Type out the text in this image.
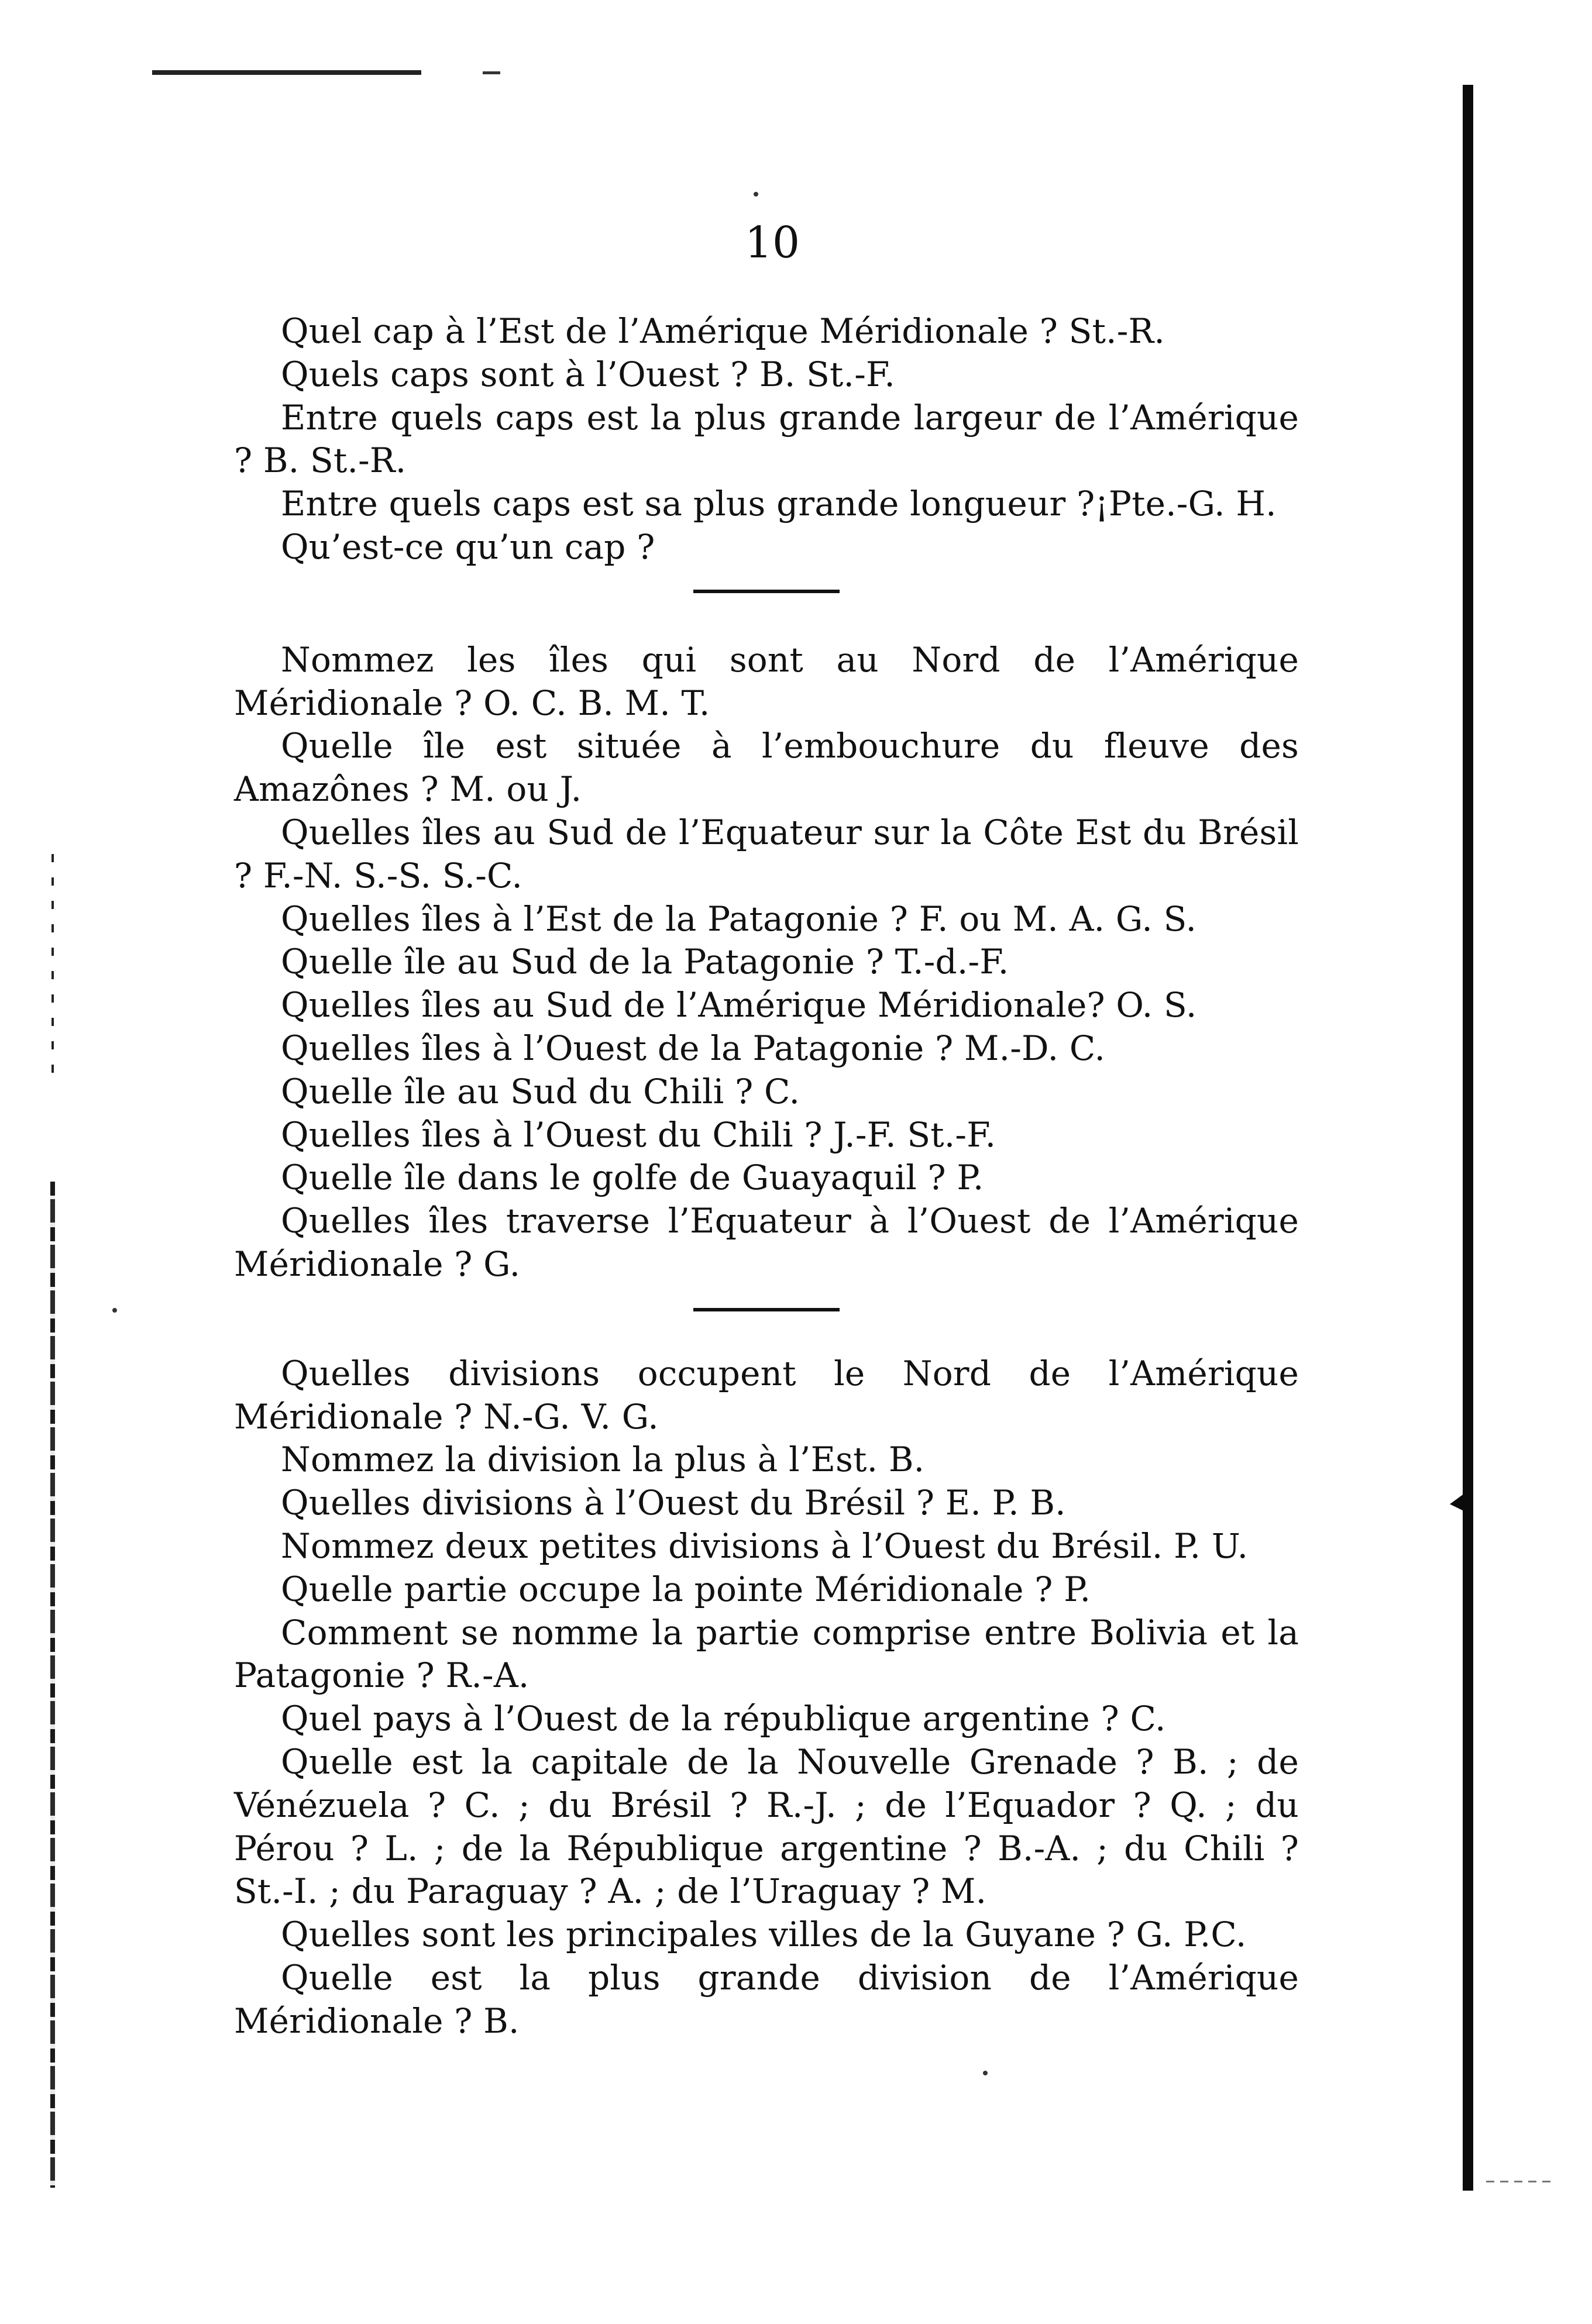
10

Quel cap à l’Est de l’Amérique Méridionale ? St.-R.

Quels caps sont à l’Ouest ? B. St.-F.

Entre quels caps est la plus grande largeur de l’Amérique ? B. St.-R.

Entre quels caps est sa plus grande longueur ?¡Pte.-G. H.

Qu’est-ce qu’un cap ?

Nommez les îles qui sont au Nord de l’Amérique Méridionale ? O. C. B. M. T.

Quelle île est située à l’embouchure du fleuve des Amazônes ? M. ou J.

Quelles îles au Sud de l’Equateur sur la Côte Est du Brésil ? F.-N. S.-S. S.-C.

Quelles îles à l’Est de la Patagonie ? F. ou M. A. G. S.

Quelle île au Sud de la Patagonie ? T.-d.-F.

Quelles îles au Sud de l’Amérique Méridionale? O. S.

Quelles îles à l’Ouest de la Patagonie ? M.-D. C.

Quelle île au Sud du Chili ? C.

Quelles îles à l’Ouest du Chili ? J.-F. St.-F.

Quelle île dans le golfe de Guayaquil ? P.

Quelles îles traverse l’Equateur à l’Ouest de l’Amérique Méridionale ? G.

Quelles divisions occupent le Nord de l’Amérique Méridionale ? N.-G. V. G.

Nommez la division la plus à l’Est. B.

Quelles divisions à l’Ouest du Brésil ? E. P. B.

Nommez deux petites divisions à l’Ouest du Brésil. P. U.

Quelle partie occupe la pointe Méridionale ? P.

Comment se nomme la partie comprise entre Bolivia et la Patagonie ? R.-A.

Quel pays à l’Ouest de la république argentine ? C.

Quelle est la capitale de la Nouvelle Grenade ? B. ; de Vénézuela ? C. ; du Brésil ? R.-J. ; de l’Equador ? Q. ; du Pérou ? L. ; de la République argentine ? B.-A. ; du Chili ? St.-I. ; du Paraguay ? A. ; de l’Uraguay ? M.

Quelles sont les principales villes de la Guyane ? G. P.C.

Quelle est la plus grande division de l’Amérique Méridionale ? B.
